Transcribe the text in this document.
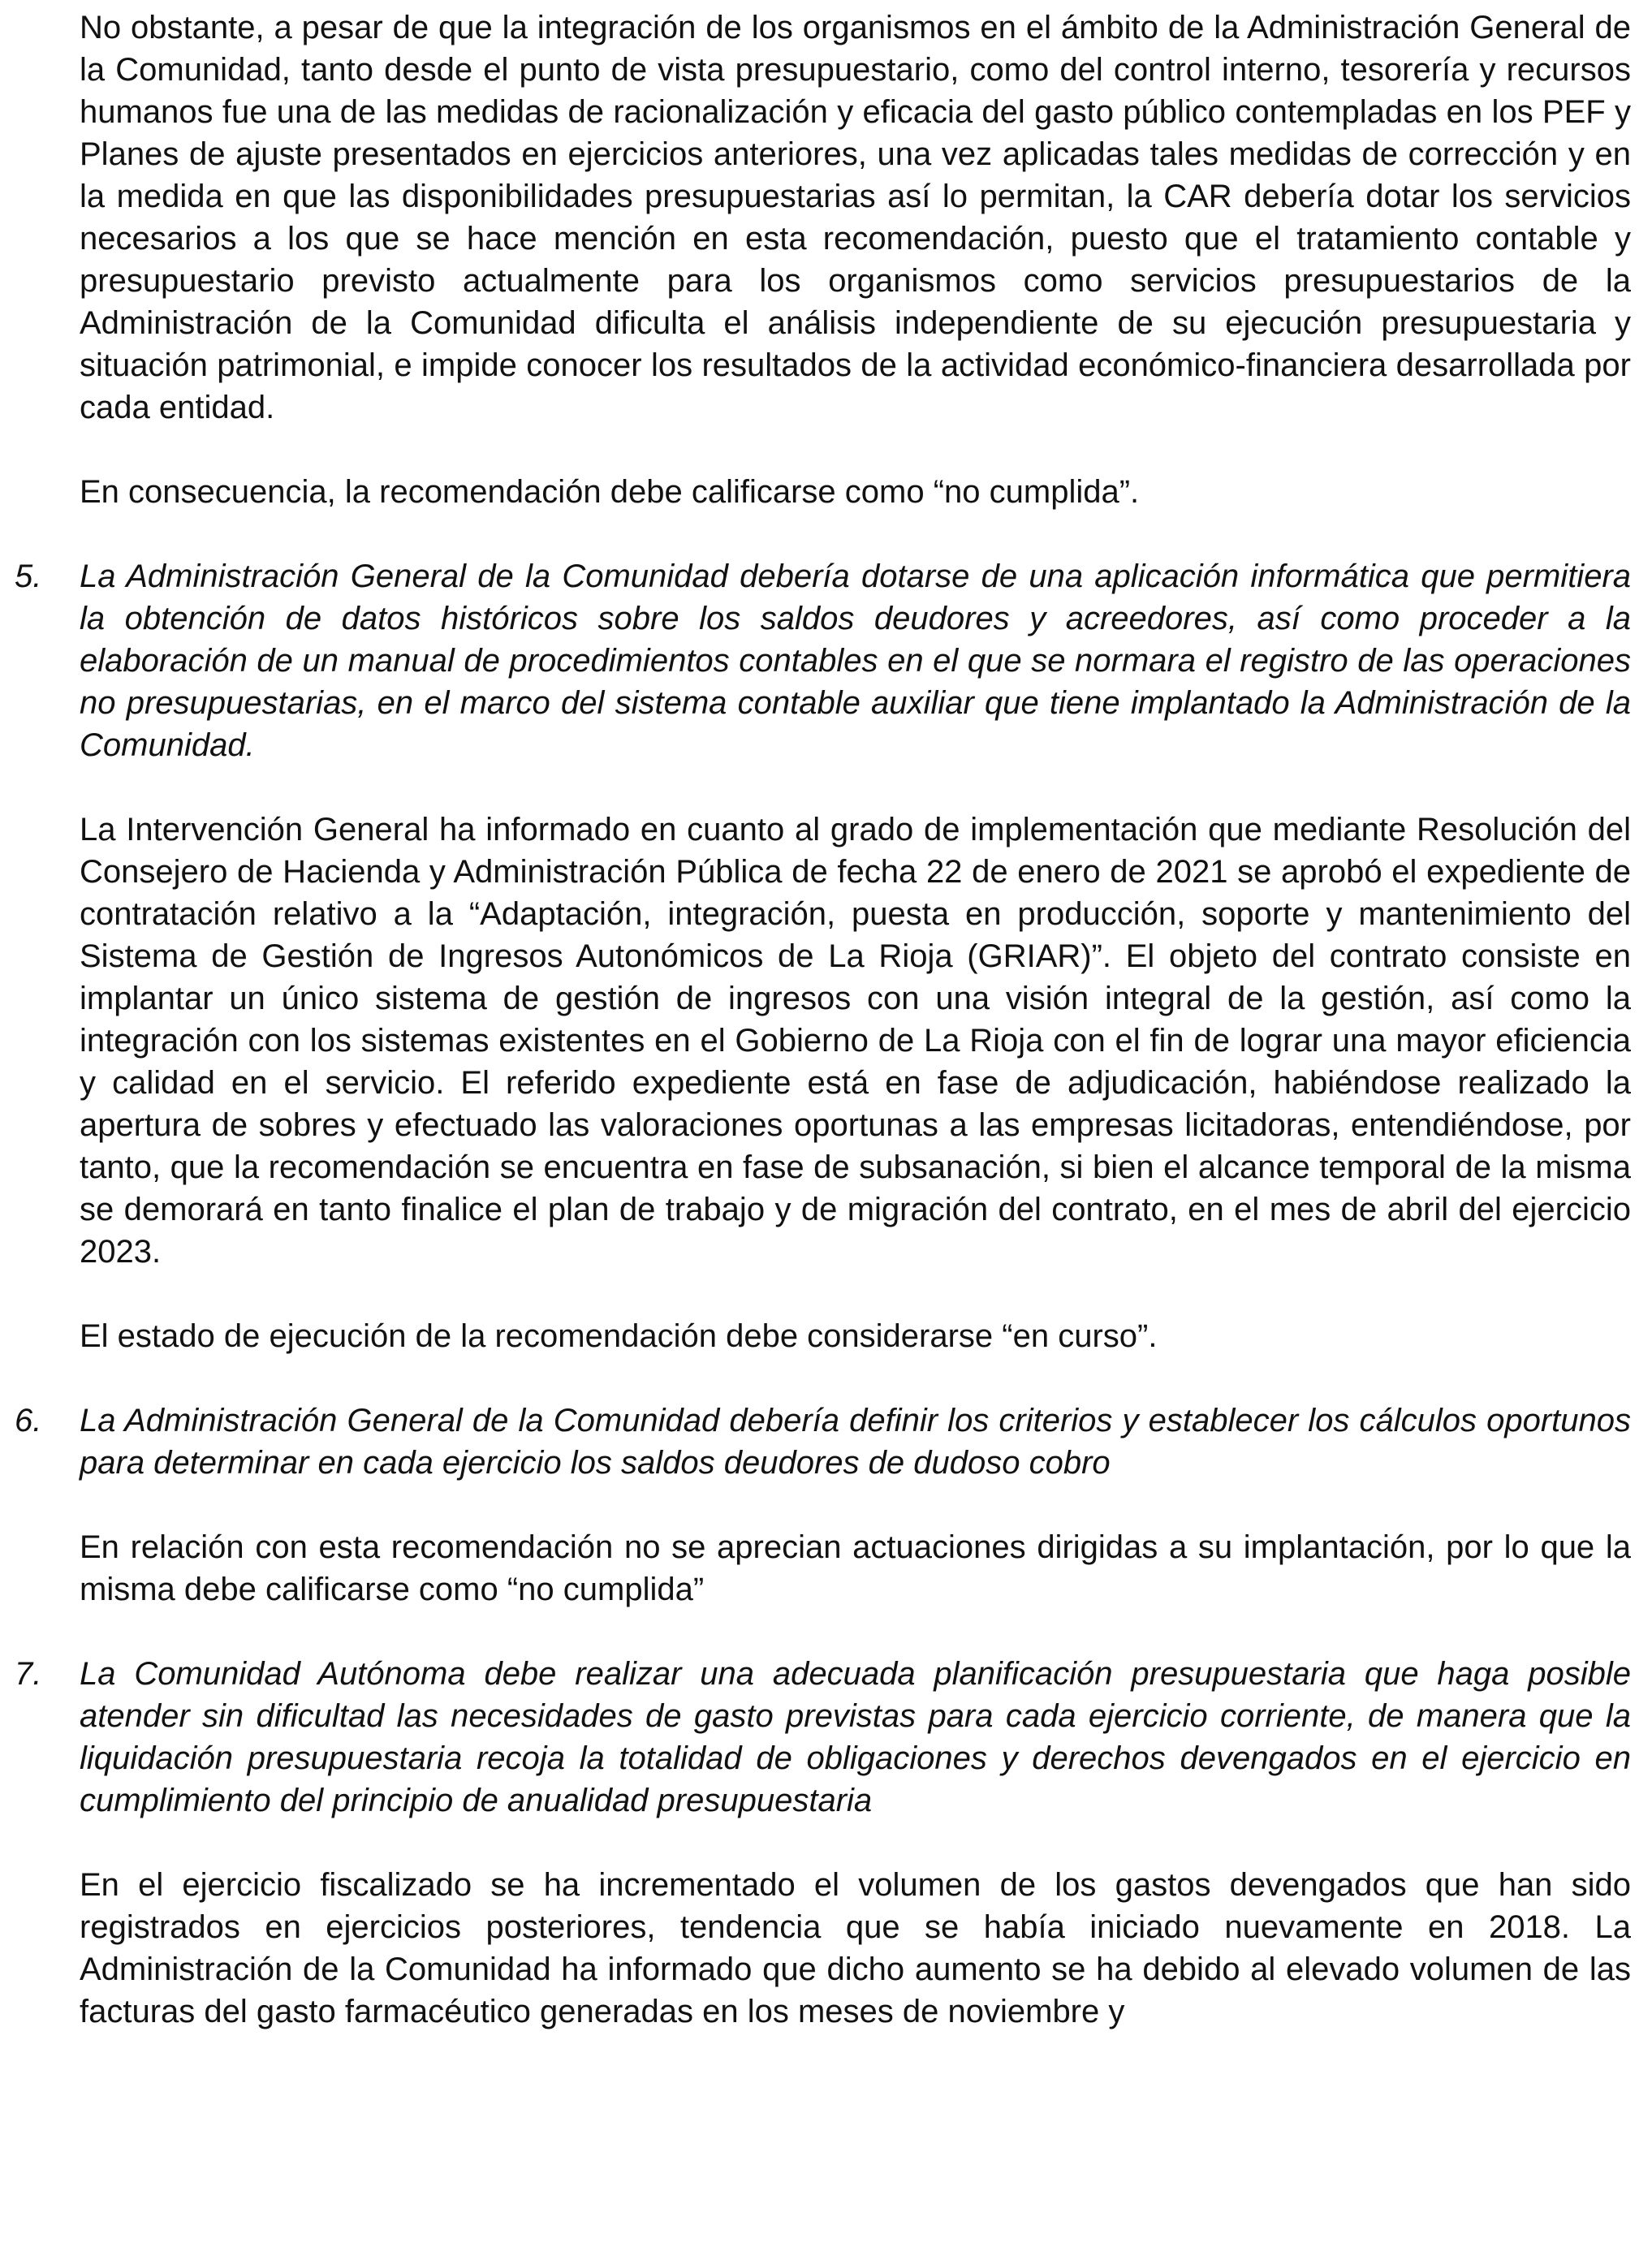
No obstante, a pesar de que la integración de los organismos en el ámbito de la Administración General de la Comunidad, tanto desde el punto de vista presupuestario, como del control interno, tesorería y recursos humanos fue una de las medidas de racionalización y eficacia del gasto público contempladas en los PEF y Planes de ajuste presentados en ejercicios anteriores, una vez aplicadas tales medidas de corrección y en la medida en que las disponibilidades presupuestarias así lo permitan, la CAR debería dotar los servicios necesarios a los que se hace mención en esta recomendación, puesto que el tratamiento contable y presupuestario previsto actualmente para los organismos como servicios presupuestarios de la Administración de la Comunidad dificulta el análisis independiente de su ejecución presupuestaria y situación patrimonial, e impide conocer los resultados de la actividad económico-financiera desarrollada por cada entidad.

En consecuencia, la recomendación debe calificarse como “no cumplida”.

5. La Administración General de la Comunidad debería dotarse de una aplicación informática que permitiera la obtención de datos históricos sobre los saldos deudores y acreedores, así como proceder a la elaboración de un manual de procedimientos contables en el que se normara el registro de las operaciones no presupuestarias, en el marco del sistema contable auxiliar que tiene implantado la Administración de la Comunidad.

La Intervención General ha informado en cuanto al grado de implementación que mediante Resolución del Consejero de Hacienda y Administración Pública de fecha 22 de enero de 2021 se aprobó el expediente de contratación relativo a la “Adaptación, integración, puesta en producción, soporte y mantenimiento del Sistema de Gestión de Ingresos Autonómicos de La Rioja (GRIAR)”. El objeto del contrato consiste en implantar un único sistema de gestión de ingresos con una visión integral de la gestión, así como la integración con los sistemas existentes en el Gobierno de La Rioja con el fin de lograr una mayor eficiencia y calidad en el servicio. El referido expediente está en fase de adjudicación, habiéndose realizado la apertura de sobres y efectuado las valoraciones oportunas a las empresas licitadoras, entendiéndose, por tanto, que la recomendación se encuentra en fase de subsanación, si bien el alcance temporal de la misma se demorará en tanto finalice el plan de trabajo y de migración del contrato, en el mes de abril del ejercicio 2023.

El estado de ejecución de la recomendación debe considerarse “en curso”.

6. La Administración General de la Comunidad debería definir los criterios y establecer los cálculos oportunos para determinar en cada ejercicio los saldos deudores de dudoso cobro

En relación con esta recomendación no se aprecian actuaciones dirigidas a su implantación, por lo que la misma debe calificarse como “no cumplida”

7. La Comunidad Autónoma debe realizar una adecuada planificación presupuestaria que haga posible atender sin dificultad las necesidades de gasto previstas para cada ejercicio corriente, de manera que la liquidación presupuestaria recoja la totalidad de obligaciones y derechos devengados en el ejercicio en cumplimiento del principio de anualidad presupuestaria

En el ejercicio fiscalizado se ha incrementado el volumen de los gastos devengados que han sido registrados en ejercicios posteriores, tendencia que se había iniciado nuevamente en 2018. La Administración de la Comunidad ha informado que dicho aumento se ha debido al elevado volumen de las facturas del gasto farmacéutico generadas en los meses de noviembre y
